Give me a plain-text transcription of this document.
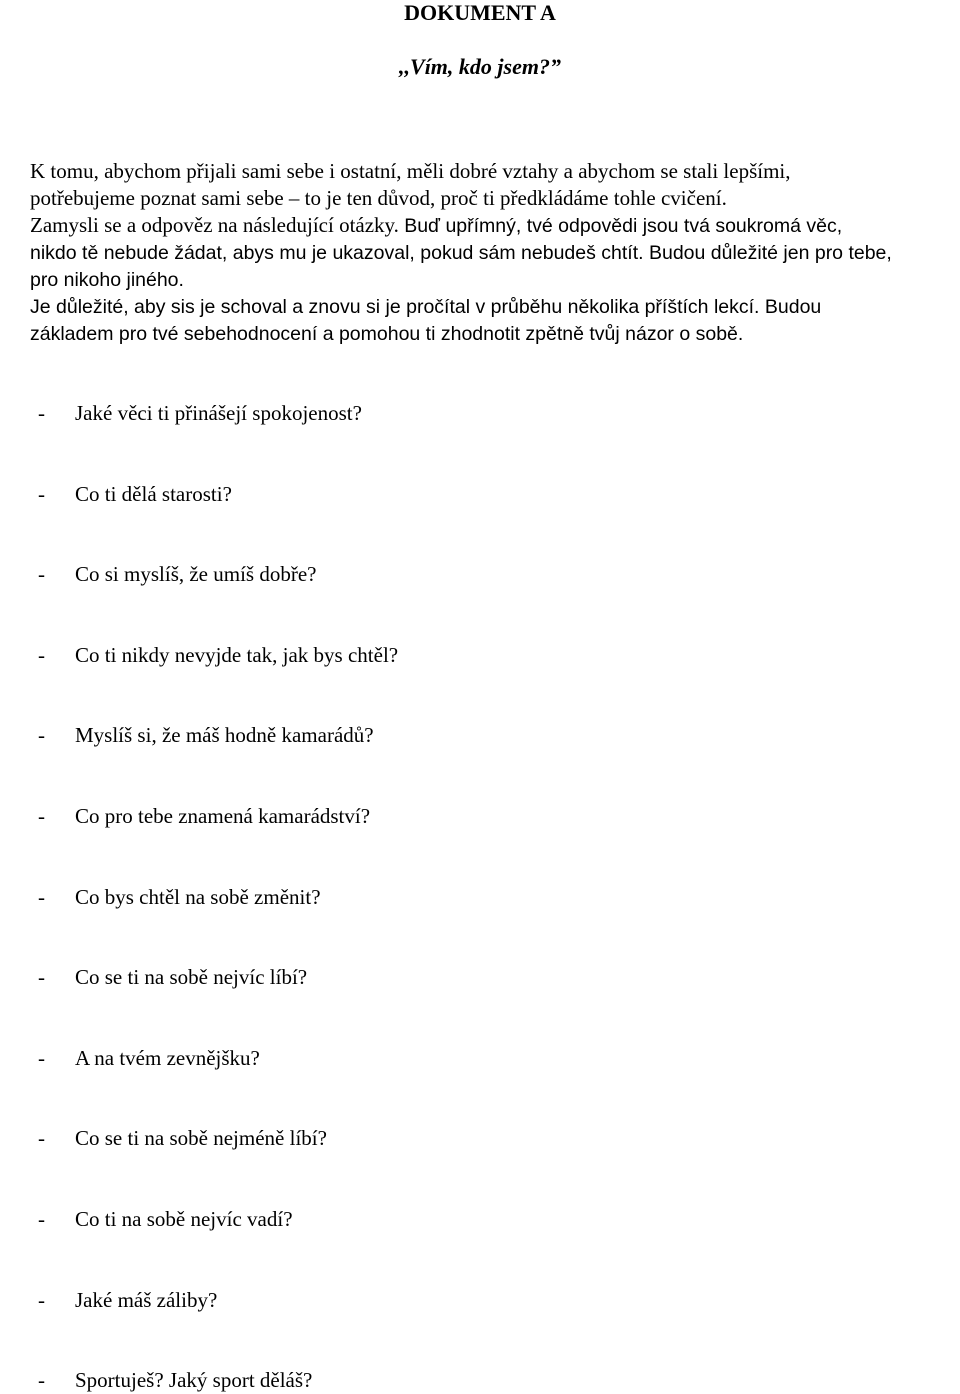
DOKUMENT A
,,Vím, kdo jsem?”
K tomu, abychom přijali sami sebe i ostatní, měli dobré vztahy a abychom se stali lepšími,
potřebujeme poznat sami sebe – to je ten důvod, proč ti předkládáme tohle cvičení.
Zamysli se a odpověz na následující otázky. Buď upřímný, tvé odpovědi jsou tvá soukromá věc,
nikdo tě nebude žádat, abys mu je ukazoval, pokud sám nebudeš chtít. Budou důležité jen pro tebe,
pro nikoho jiného.
Je důležité, aby sis je schoval a znovu si je pročítal v průběhu několika příštích lekcí. Budou
základem pro tvé sebehodnocení a pomohou ti zhodnotit zpětně tvůj názor o sobě.
- Jaké věci ti přinášejí spokojenost?
- Co ti dělá starosti?
- Co si myslíš, že umíš dobře?
- Co ti nikdy nevyjde tak, jak bys chtěl?
- Myslíš si, že máš hodně kamarádů?
- Co pro tebe znamená kamarádství?
- Co bys chtěl na sobě změnit?
- Co se ti na sobě nejvíc líbí?
- A na tvém zevnějšku?
- Co se ti na sobě nejméně líbí?
- Co ti na sobě nejvíc vadí?
- Jaké máš záliby?
- Sportuješ? Jaký sport děláš?
